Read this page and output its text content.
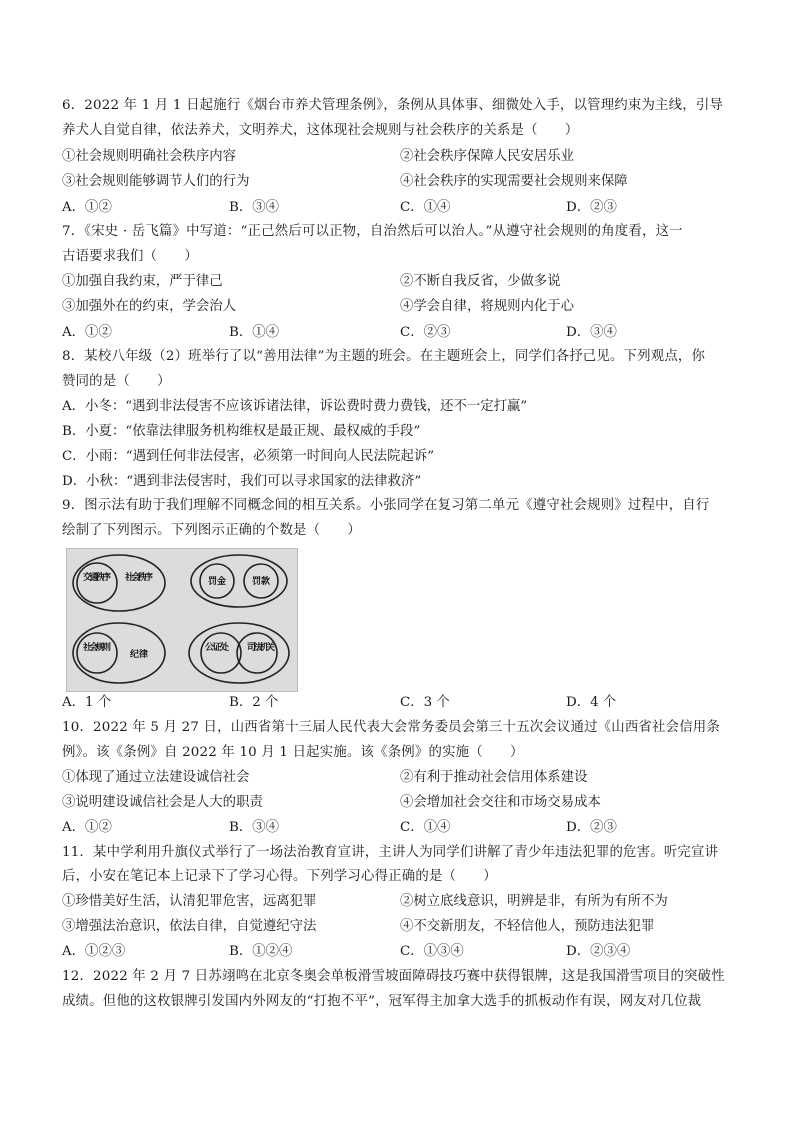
6．2022 年 1 月 1 日起施行《烟台市养犬管理条例》，条例从具体事、细微处入手，以管理约束为主线，引导
养犬人自觉自律，依法养犬，文明养犬，这体现社会规则与社会秩序的关系是（　　）
①社会规则明确社会秩序内容	②社会秩序保障人民安居乐业
③社会规则能够调节人们的行为	④社会秩序的实现需要社会规则来保障
A．①②	B．③④	C．①④	D．②③
7．《宋史 · 岳飞篇》中写道：“正己然后可以正物，自治然后可以治人。”从遵守社会规则的角度看，这一
古语要求我们（　　）
①加强自我约束，严于律己	②不断自我反省，少做多说
③加强外在的约束，学会治人	④学会自律，将规则内化于心
A．①②	B．①④	C．②③	D．③④
8．某校八年级（2）班举行了以“善用法律”为主题的班会。在主题班会上，同学们各抒己见。下列观点，你
赞同的是（　　）
A．小冬：“遇到非法侵害不应该诉诸法律，诉讼费时费力费钱，还不一定打赢”
B．小夏：“依靠法律服务机构维权是最正规、最权威的手段”
C．小雨：“遇到任何非法侵害，必须第一时间向人民法院起诉”
D．小秋：“遇到非法侵害时，我们可以寻求国家的法律救济”
9．图示法有助于我们理解不同概念间的相互关系。小张同学在复习第二单元《遵守社会规则》过程中，自行
绘制了下列图示。下列图示正确的个数是（　　）
交通秩序 社会秩序	罚金	罚款
社会规则
纪律
公证处 司法机关
A．1 个	B．2 个	C．3 个	D．4 个
10．2022 年 5 月 27 日，山西省第十三届人民代表大会常务委员会第三十五次会议通过《山西省社会信用条
例》。该《条例》自 2022 年 10 月 1 日起实施。该《条例》的实施（　　）
①体现了通过立法建设诚信社会	②有利于推动社会信用体系建设
③说明建设诚信社会是人大的职责	④会增加社会交往和市场交易成本
A．①②	B．③④	C．①④	D．②③
11．某中学利用升旗仪式举行了一场法治教育宣讲，主讲人为同学们讲解了青少年违法犯罪的危害。听完宣讲
后，小安在笔记本上记录下了学习心得。下列学习心得正确的是（　　）
①珍惜美好生活，认清犯罪危害，远离犯罪	②树立底线意识，明辨是非，有所为有所不为
③增强法治意识，依法自律，自觉遵纪守法	④不交新朋友，不轻信他人，预防违法犯罪
A．①②③	B．①②④	C．①③④	D．②③④
12．2022 年 2 月 7 日苏翊鸣在北京冬奥会单板滑雪坡面障碍技巧赛中获得银牌，这是我国滑雪项目的突破性
成绩。但他的这枚银牌引发国内外网友的“打抱不平”，冠军得主加拿大选手的抓板动作有误，网友对几位裁
